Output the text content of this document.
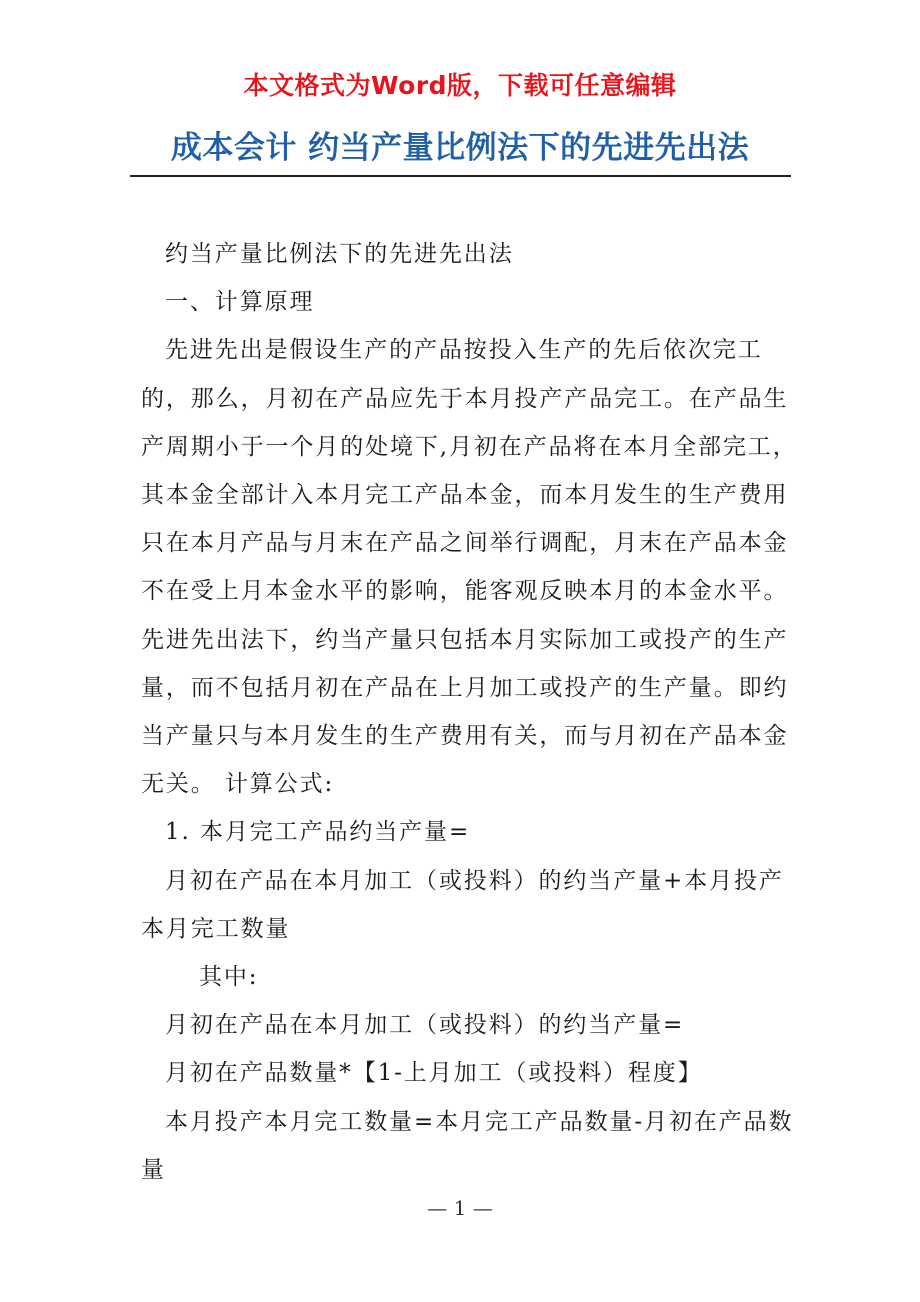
本文格式为Word版，下载可任意编辑
成本会计 约当产量比例法下的先进先出法

约当产量比例法下的先进先出法

一、计算原理

先进先出是假设生产的产品按投入生产的先后依次完工的，那么，月初在产品应先于本月投产产品完工。在产品生产周期小于一个月的处境下,月初在产品将在本月全部完工，其本金全部计入本月完工产品本金，而本月发生的生产费用只在本月产品与月末在产品之间举行调配，月末在产品本金不在受上月本金水平的影响，能客观反映本月的本金水平。先进先出法下，约当产量只包括本月实际加工或投产的生产量，而不包括月初在产品在上月加工或投产的生产量。即约当产量只与本月发生的生产费用有关，而与月初在产品本金无关。 计算公式:

1. 本月完工产品约当产量=

月初在产品在本月加工（或投料）的约当产量+本月投产本月完工数量

其中:

月初在产品在本月加工（或投料）的约当产量=

月初在产品数量*【1-上月加工（或投料）程度】

本月投产本月完工数量=本月完工产品数量-月初在产品数量

— 1 —
